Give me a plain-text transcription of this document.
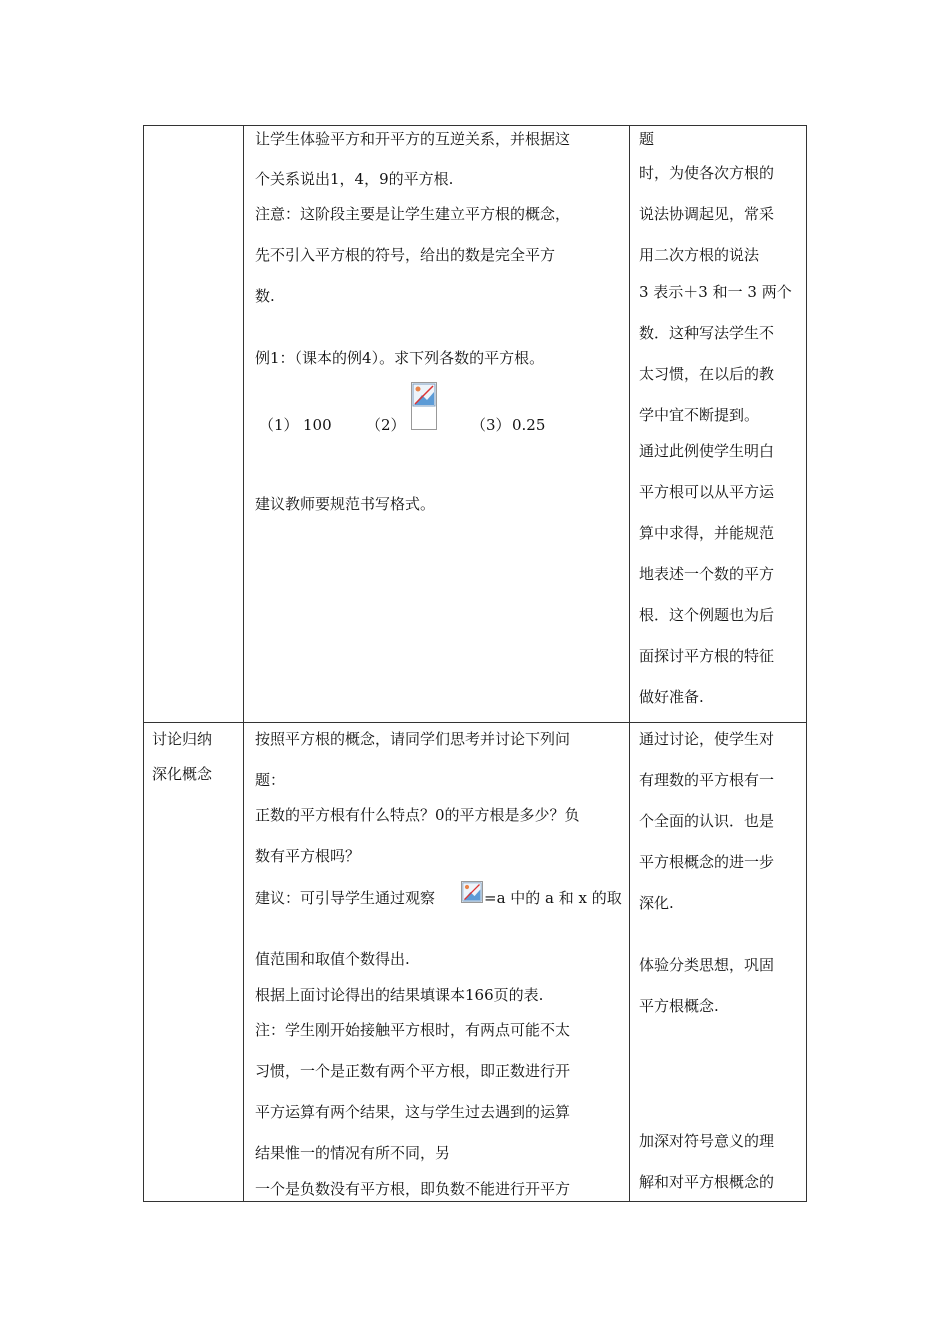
让学生体验平方和开平方的互逆关系，并根据这
个关系说出1，4，9的平方根.
注意：这阶段主要是让学生建立平方根的概念，
先不引入平方根的符号，给出的数是完全平方
数.
例1：（课本的例4）。求下列各数的平方根。
（1） 100 （2）	（3） 0.25
建议教师要规范书写格式。
题
时，为使各次方根的
说法协调起见，常采
用二次方根的说法
3 表示＋3 和一 3 两个
数．这种写法学生不
太习惯，在以后的教
学中宜不断提到。
通过此例使学生明白
平方根可以从平方运
算中求得，并能规范
地表述一个数的平方
根．这个例题也为后
面探讨平方根的特征
做好准备.
讨论归纳
深化概念
按照平方根的概念，请同学们思考并讨论下列问
题：
正数的平方根有什么特点？0的平方根是多少？负
数有平方根吗？
建议：可引导学生通过观察	=a 中的 a 和 x 的取
值范围和取值个数得出.
根据上面讨论得出的结果填课本166页的表.
注：学生刚开始接触平方根时，有两点可能不太
习惯，一个是正数有两个平方根，即正数进行开
平方运算有两个结果，这与学生过去遇到的运算
结果惟一的情况有所不同，另
一个是负数没有平方根，即负数不能进行开平方
通过讨论，使学生对
有理数的平方根有一
个全面的认识．也是
平方根概念的进一步
深化.
体验分类思想，巩固
平方根概念.
加深对符号意义的理
解和对平方根概念的
